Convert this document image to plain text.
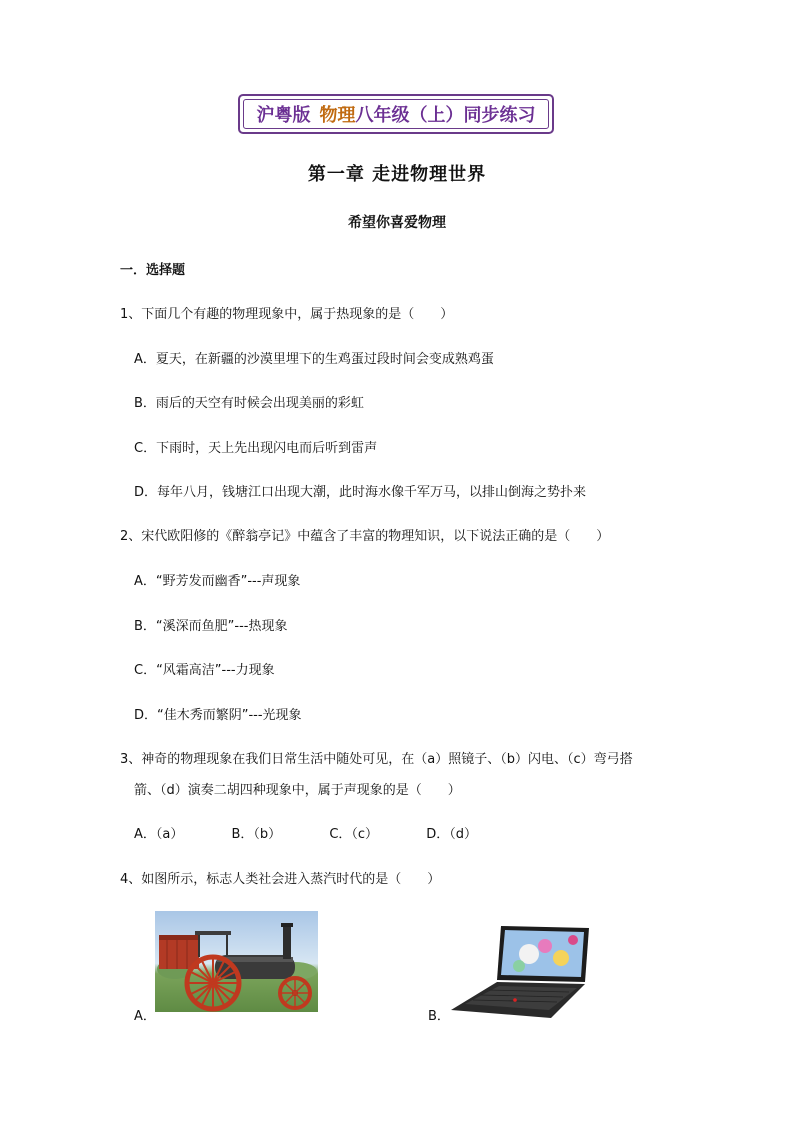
沪粤版 物理 八年级（上）同步练习
第一章 走进物理世界
希望你喜爱物理
一．选择题
1、下面几个有趣的物理现象中，属于热现象的是（　　）
A．夏天，在新疆的沙漠里埋下的生鸡蛋过段时间会变成熟鸡蛋
B．雨后的天空有时候会出现美丽的彩虹
C．下雨时，天上先出现闪电而后听到雷声
D．每年八月，钱塘江口出现大潮，此时海水像千军万马，以排山倒海之势扑来
2、宋代欧阳修的《醉翁亭记》中蕴含了丰富的物理知识，以下说法正确的是（　　）
A．“野芳发而幽香”---声现象
B．“溪深而鱼肥”---热现象
C．“风霜高洁”---力现象
D．“佳木秀而繁阴”---光现象
3、神奇的物理现象在我们日常生活中随处可见，在（a）照镜子、（b）闪电、（c）弯弓搭
箭、（d）演奏二胡四种现象中，属于声现象的是（　　）
A．（a）	B．（b）	C．（c）	D．（d）
4、如图所示，标志人类社会进入蒸汽时代的是（　　）
A．	B．
